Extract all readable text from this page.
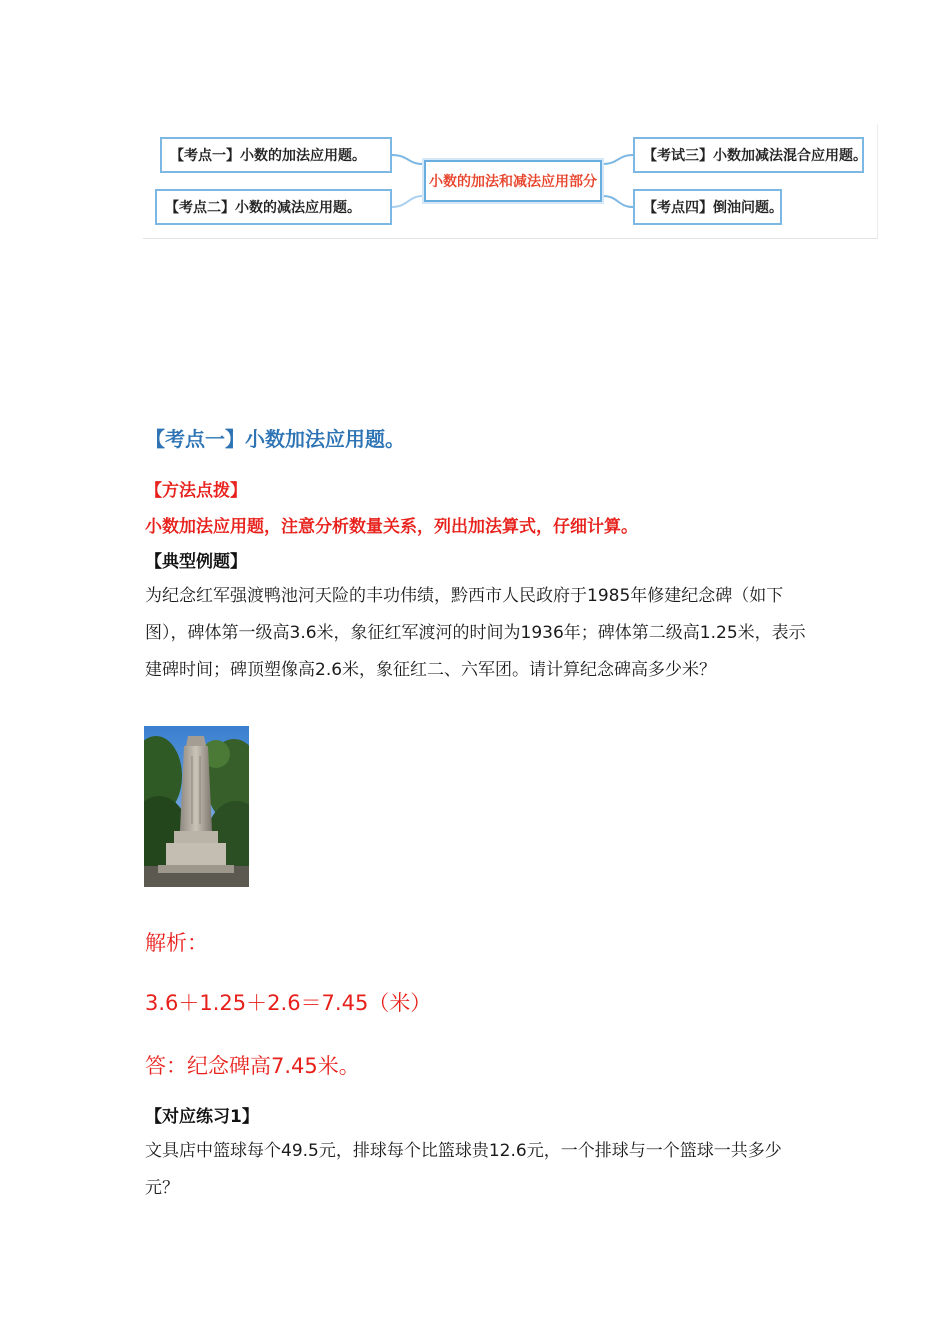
【考点一】小数的加法应用题。
【考点二】小数的减法应用题。
小数的加法和减法应用部分
【考试三】小数加减法混合应用题。
【考点四】倒油问题。
【考点一】小数加法应用题。
【方法点拨】
小数加法应用题，注意分析数量关系，列出加法算式，仔细计算。
【典型例题】
为纪念红军强渡鸭池河天险的丰功伟绩，黔西市人民政府于1985年修建纪念碑（如下图），碑体第一级高3.6米，象征红军渡河的时间为1936年；碑体第二级高1.25米，表示建碑时间；碑顶塑像高2.6米，象征红二、六军团。请计算纪念碑高多少米？
解析：
3.6＋1.25＋2.6＝7.45（米）
答：纪念碑高7.45米。
【对应练习1】
文具店中篮球每个49.5元，排球每个比篮球贵12.6元，一个排球与一个篮球一共多少元？
